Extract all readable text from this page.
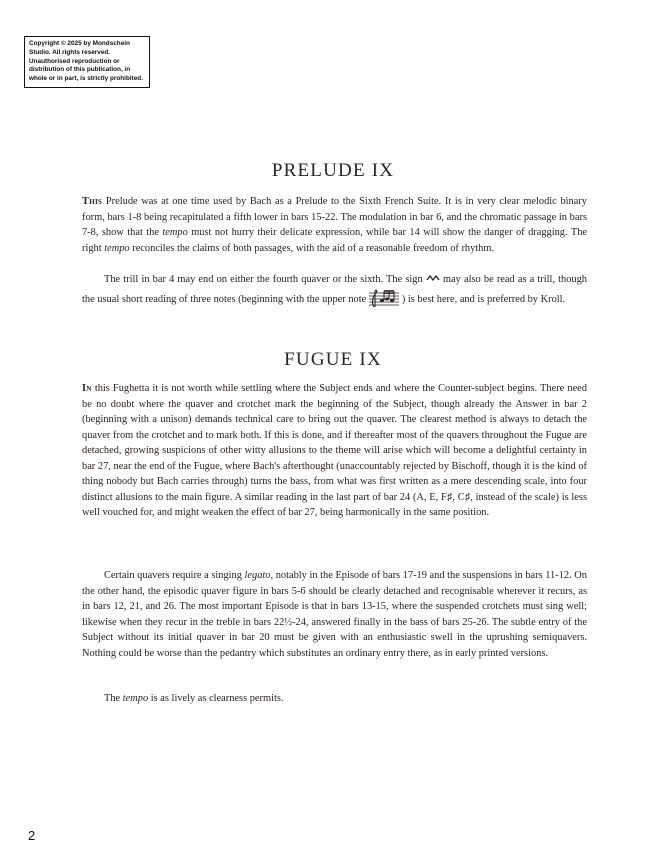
Copyright © 2025 by Mondschein Studio. All rights reserved. Unauthorised reproduction or distribution of this publication, in whole or in part, is strictly prohibited.
PRELUDE IX

This Prelude was at one time used by Bach as a Prelude to the Sixth French Suite. It is in very clear melodic binary form, bars 1-8 being recapitulated a fifth lower in bars 15-22. The modulation in bar 6, and the chromatic passage in bars 7-8, show that the tempo must not hurry their delicate expression, while bar 14 will show the danger of dragging. The right tempo reconciles the claims of both passages, with the aid of a reasonable freedom of rhythm.

The trill in bar 4 may end on either the fourth quaver or the sixth. The sign  may also be read as a trill, though the usual short reading of three notes (beginning with the upper note	) is best here, and is preferred by Kroll.

FUGUE IX

In this Fughetta it is not worth while settling where the Subject ends and where the Counter-subject begins. There need be no doubt where the quaver and crotchet mark the beginning of the Subject, though already the Answer in bar 2 (beginning with a unison) demands technical care to bring out the quaver. The clearest method is always to detach the quaver from the crotchet and to mark both. If this is done, and if thereafter most of the quavers throughout the Fugue are detached, growing suspicions of other witty allusions to the theme will arise which will become a delightful certainty in bar 27, near the end of the Fugue, where Bach's afterthought (unaccountably rejected by Bischoff, though it is the kind of thing nobody but Bach carries through) turns the bass, from what was first written as a mere descending scale, into four distinct allusions to the main figure. A similar reading in the last part of bar 24 (A, E, F♯, C♯, instead of the scale) is less well vouched for, and might weaken the effect of bar 27, being harmonically in the same position.

Certain quavers require a singing legato, notably in the Episode of bars 17-19 and the suspensions in bars 11-12. On the other hand, the episodic quaver figure in bars 5-6 should be clearly detached and recognisable wherever it recurs, as in bars 12, 21, and 26. The most important Episode is that in bars 13-15, where the suspended crotchets must sing well; likewise when they recur in the treble in bars 22½-24, answered finally in the bass of bars 25-26. The subtle entry of the Subject without its initial quaver in bar 20 must be given with an enthusiastic swell in the uprushing semiquavers. Nothing could be worse than the pedantry which substitutes an ordinary entry there, as in early printed versions.

The tempo is as lively as clearness permits.

2
